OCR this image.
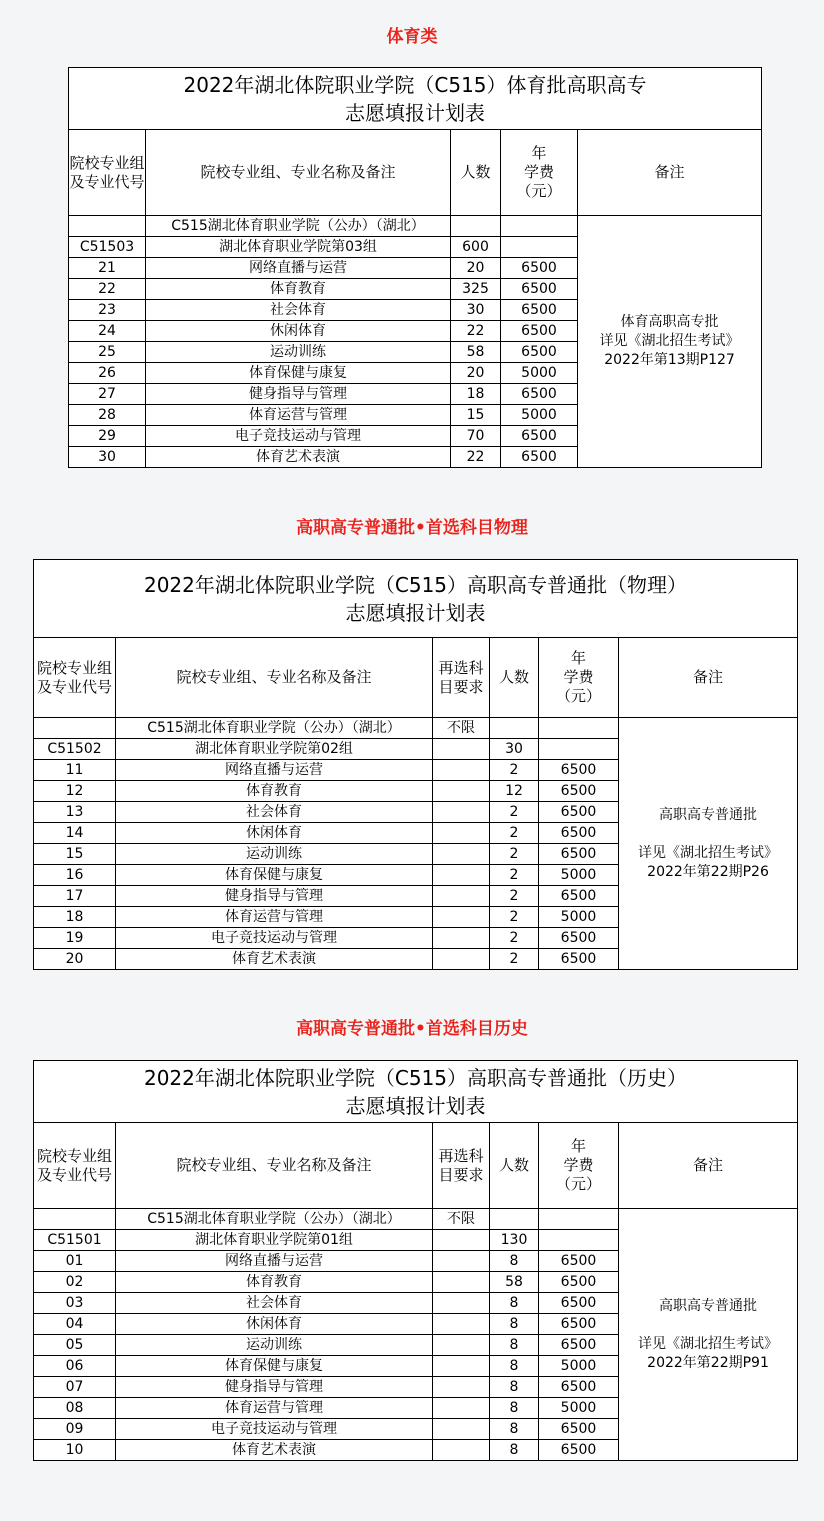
体育类
2022年湖北体院职业学院（C515）体育批高职高专
志愿填报计划表				

院校专业组及专业代号	院校专业组、专业名称及备注	人数	年
学费
（元）	备注
	C515湖北体育职业学院（公办）（湖北）			体育高职高专批
详见《湖北招生考试》
2022年第13期P127
C51503	湖北体育职业学院第03组	600		
21	网络直播与运营	20	6500	
22	体育教育	325	6500	
23	社会体育	30	6500	
24	休闲体育	22	6500	
25	运动训练	58	6500	
26	体育保健与康复	20	5000	
27	健身指导与管理	18	6500	
28	体育运营与管理	15	5000	
29	电子竞技运动与管理	70	6500	
30	体育艺术表演	22	6500	
高职高专普通批•首选科目物理
2022年湖北体院职业学院（C515）高职高专普通批（物理）
志愿填报计划表					

院校专业组及专业代号	院校专业组、专业名称及备注	再选科目要求	人数	年
学费
（元）	备注
	C515湖北体育职业学院（公办）（湖北）	不限			高职高专普通批

详见《湖北招生考试》
2022年第22期P26
C51502	湖北体育职业学院第02组		30		
11	网络直播与运营		2	6500	
12	体育教育		12	6500	
13	社会体育		2	6500	
14	休闲体育		2	6500	
15	运动训练		2	6500	
16	体育保健与康复		2	5000	
17	健身指导与管理		2	6500	
18	体育运营与管理		2	5000	
19	电子竞技运动与管理		2	6500	
20	体育艺术表演		2	6500	
高职高专普通批•首选科目历史
2022年湖北体院职业学院（C515）高职高专普通批（历史）
志愿填报计划表					

院校专业组及专业代号	院校专业组、专业名称及备注	再选科目要求	人数	年
学费
（元）	备注
	C515湖北体育职业学院（公办）（湖北）	不限			高职高专普通批

详见《湖北招生考试》
2022年第22期P91
C51501	湖北体育职业学院第01组		130		
01	网络直播与运营		8	6500	
02	体育教育		58	6500	
03	社会体育		8	6500	
04	休闲体育		8	6500	
05	运动训练		8	6500	
06	体育保健与康复		8	5000	
07	健身指导与管理		8	6500	
08	体育运营与管理		8	5000	
09	电子竞技运动与管理		8	6500	
10	体育艺术表演		8	6500	
